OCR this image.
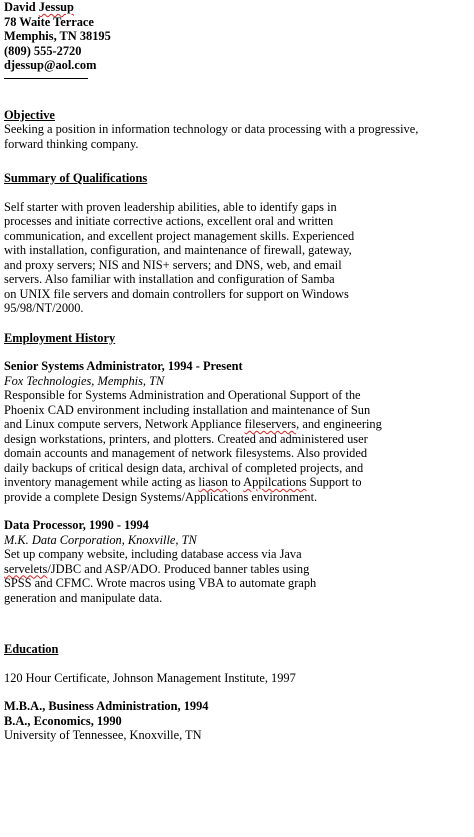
David Jessup
78 Waite Terrace
Memphis, TN 38195
(809) 555-2720
djessup@aol.com
Objective
Seeking a position in information technology or data processing with a progressive,
forward thinking company.
Summary of Qualifications
Self starter with proven leadership abilities, able to identify gaps in
processes and initiate corrective actions, excellent oral and written
communication, and excellent project management skills. Experienced
with installation, configuration, and maintenance of firewall, gateway,
and proxy servers; NIS and NIS+ servers; and DNS, web, and email
servers. Also familiar with installation and configuration of Samba
on UNIX file servers and domain controllers for support on Windows
95/98/NT/2000.
Employment History
Senior Systems Administrator, 1994 - Present
Fox Technologies, Memphis, TN
Responsible for Systems Administration and Operational Support of the
Phoenix CAD environment including installation and maintenance of Sun
and Linux compute servers, Network Appliance fileservers, and engineering
design workstations, printers, and plotters. Created and administered user
domain accounts and management of network filesystems. Also provided
daily backups of critical design data, archival of completed projects, and
inventory management while acting as liason to Appilcations Support to
provide a complete Design Systems/Applications environment.
Data Processor, 1990 - 1994
M.K. Data Corporation, Knoxville, TN
Set up company website, including database access via Java
servelets/JDBC and ASP/ADO. Produced banner tables using
SPSS and CFMC. Wrote macros using VBA to automate graph
generation and manipulate data.
Education
120 Hour Certificate, Johnson Management Institute, 1997
M.B.A., Business Administration, 1994
B.A., Economics, 1990
University of Tennessee, Knoxville, TN
